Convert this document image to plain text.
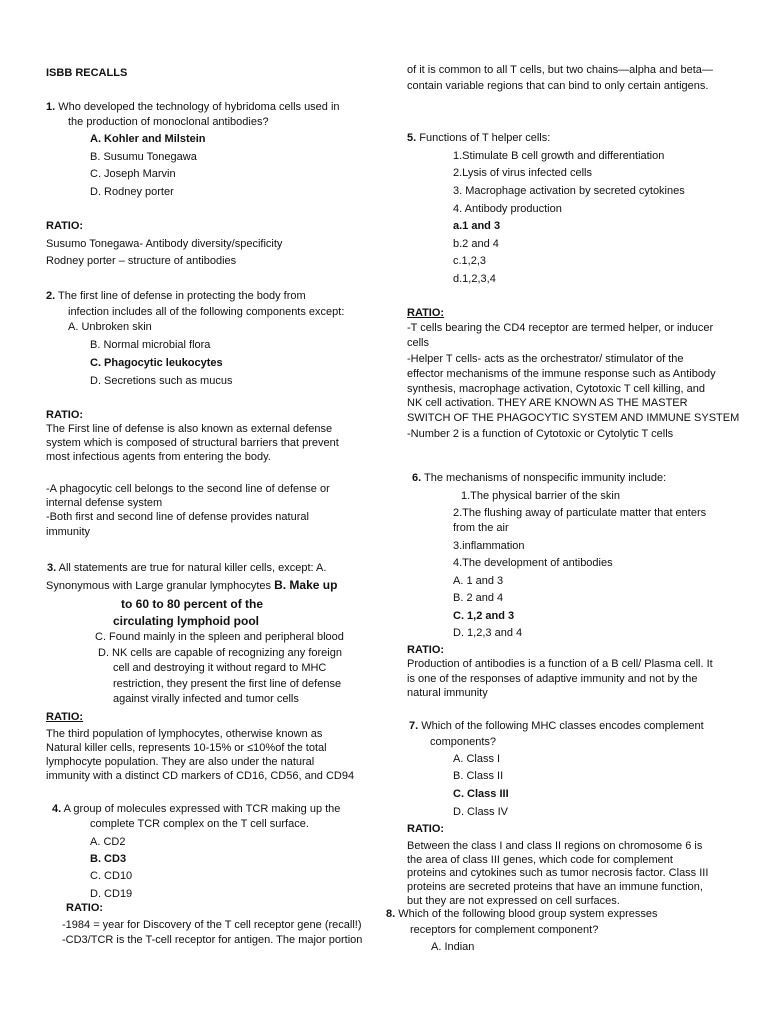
ISBB RECALLS
1. Who developed the technology of hybridoma cells used in
the production of monoclonal antibodies?
A. Kohler and Milstein
B. Susumu Tonegawa
C. Joseph Marvin
D. Rodney porter
RATIO:
Susumo Tonegawa- Antibody diversity/specificity
Rodney porter – structure of antibodies
2. The first line of defense in protecting the body from
infection includes all of the following components except:
A. Unbroken skin
B. Normal microbial flora
C. Phagocytic leukocytes
D. Secretions such as mucus
RATIO:
The First line of defense is also known as external defense
system which is composed of structural barriers that prevent
most infectious agents from entering the body.
-A phagocytic cell belongs to the second line of defense or
internal defense system
-Both first and second line of defense provides natural
immunity
3. All statements are true for natural killer cells, except: A.
Synonymous with Large granular lymphocytes B. Make up
to 60 to 80 percent of the
circulating lymphoid pool
C. Found mainly in the spleen and peripheral blood
D. NK cells are capable of recognizing any foreign
cell and destroying it without regard to MHC
restriction, they present the first line of defense
against virally infected and tumor cells
RATIO:
The third population of lymphocytes, otherwise known as
Natural killer cells, represents 10-15% or ≤10%of the total
lymphocyte population. They are also under the natural
immunity with a distinct CD markers of CD16, CD56, and CD94
4. A group of molecules expressed with TCR making up the
complete TCR complex on the T cell surface.
A. CD2
B. CD3
C. CD10
D. CD19
RATIO:
-1984 = year for Discovery of the T cell receptor gene (recall!)
-CD3/TCR is the T-cell receptor for antigen. The major portion
of it is common to all T cells, but two chains—alpha and beta—
contain variable regions that can bind to only certain antigens.
5. Functions of T helper cells:
1.Stimulate B cell growth and differentiation
2.Lysis of virus infected cells
3. Macrophage activation by secreted cytokines
4. Antibody production
a.1 and 3
b.2 and 4
c.1,2,3
d.1,2,3,4
RATIO:
-T cells bearing the CD4 receptor are termed helper, or inducer
cells
-Helper T cells- acts as the orchestrator/ stimulator of the
effector mechanisms of the immune response such as Antibody
synthesis, macrophage activation, Cytotoxic T cell killing, and
NK cell activation. THEY ARE KNOWN AS THE MASTER
SWITCH OF THE PHAGOCYTIC SYSTEM AND IMMUNE SYSTEM
-Number 2 is a function of Cytotoxic or Cytolytic T cells
6. The mechanisms of nonspecific immunity include:
1.The physical barrier of the skin
2.The flushing away of particulate matter that enters
from the air
3.inflammation
4.The development of antibodies
A. 1 and 3
B. 2 and 4
C. 1,2 and 3
D. 1,2,3 and 4
RATIO:
Production of antibodies is a function of a B cell/ Plasma cell. It
is one of the responses of adaptive immunity and not by the
natural immunity
7. Which of the following MHC classes encodes complement
components?
A. Class I
B. Class II
C. Class III
D. Class IV
RATIO:
Between the class I and class II regions on chromosome 6 is
the area of class III genes, which code for complement
proteins and cytokines such as tumor necrosis factor. Class III
proteins are secreted proteins that have an immune function,
but they are not expressed on cell surfaces.
8. Which of the following blood group system expresses
receptors for complement component?
A. Indian
